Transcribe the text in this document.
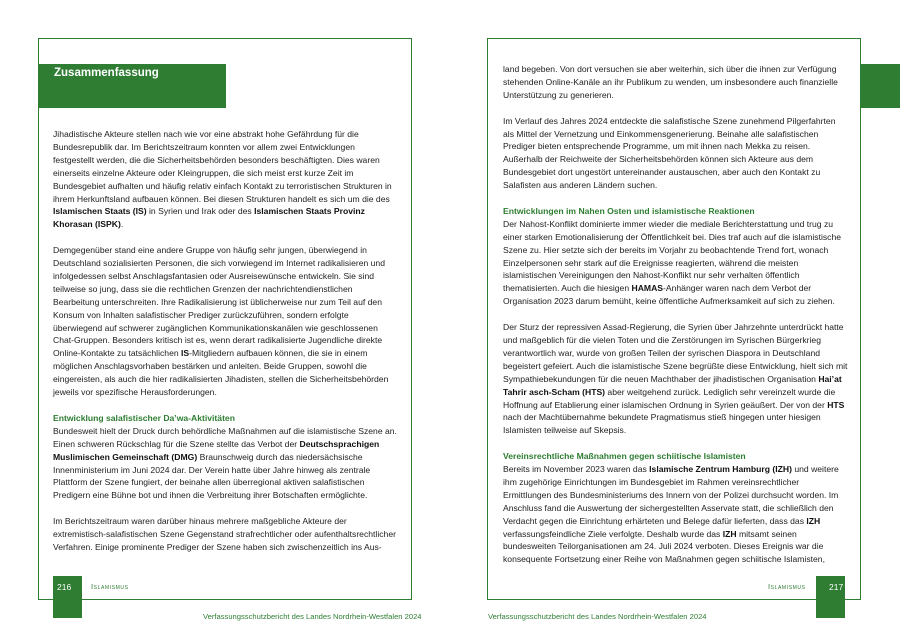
Zusammenfassung

Jihadistische Akteure stellen nach wie vor eine abstrakt hohe Gefährdung für die Bundesrepublik dar. Im Berichtszeitraum konnten vor allem zwei Entwicklungen festgestellt werden, die die Sicherheitsbehörden besonders beschäftigten. Dies waren einerseits einzelne Akteure oder Kleingruppen, die sich meist erst kurze Zeit im Bundesgebiet aufhalten und häufig relativ einfach Kontakt zu terroristischen Strukturen in ihrem Herkunftsland aufbauen können. Bei diesen Strukturen handelt es sich um die des Islamischen Staats (IS) in Syrien und Irak oder des Islamischen Staats Provinz Khorasan (ISPK).

Demgegenüber stand eine andere Gruppe von häufig sehr jungen, überwiegend in Deutschland sozialisierten Personen, die sich vorwiegend im Internet radikalisieren und infolgedessen selbst Anschlagsfantasien oder Ausreisewünsche entwickeln. Sie sind teilweise so jung, dass sie die rechtlichen Grenzen der nachrichtendienstlichen Bearbeitung unterschreiten. Ihre Radikalisierung ist üblicherweise nur zum Teil auf den Konsum von Inhalten salafistischer Prediger zurückzuführen, sondern erfolgte überwiegend auf schwerer zugänglichen Kommunikationskanälen wie geschlossenen Chat-Gruppen. Besonders kritisch ist es, wenn derart radikalisierte Jugendliche direkte Online-Kontakte zu tatsächlichen IS-Mitgliedern aufbauen können, die sie in einem möglichen Anschlagsvorhaben bestärken und anleiten. Beide Gruppen, sowohl die eingereisten, als auch die hier radikalisierten Jihadisten, stellen die Sicherheitsbehörden jeweils vor spezifische Herausforderungen.

Entwicklung salafistischer Da’wa-Aktivitäten

Bundesweit hielt der Druck durch behördliche Maßnahmen auf die islamistische Szene an. Einen schweren Rückschlag für die Szene stellte das Verbot der Deutschsprachigen Muslimischen Gemeinschaft (DMG) Braunschweig durch das niedersächsische Innenministerium im Juni 2024 dar. Der Verein hatte über Jahre hinweg als zentrale Plattform der Szene fungiert, der beinahe allen überregional aktiven salafistischen Predigern eine Bühne bot und ihnen die Verbreitung ihrer Botschaften ermöglichte.

Im Berichtszeitraum waren darüber hinaus mehrere maßgebliche Akteure der extremistisch-salafistischen Szene Gegenstand strafrechtlicher oder aufenthaltsrechtlicher Verfahren. Einige prominente Prediger der Szene haben sich zwischenzeitlich ins Aus-

216	Islamismus
Verfassungsschutzbericht des Landes Nordrhein-Westfalen 2024

land begeben. Von dort versuchen sie aber weiterhin, sich über die ihnen zur Verfügung stehenden Online-Kanäle an ihr Publikum zu wenden, um insbesondere auch finanzielle Unterstützung zu generieren.

Im Verlauf des Jahres 2024 entdeckte die salafistische Szene zunehmend Pilgerfahrten als Mittel der Vernetzung und Einkommensgenerierung. Beinahe alle salafistischen Prediger bieten entsprechende Programme, um mit ihnen nach Mekka zu reisen. Außerhalb der Reichweite der Sicherheitsbehörden können sich Akteure aus dem Bundesgebiet dort ungestört untereinander austauschen, aber auch den Kontakt zu Salafisten aus anderen Ländern suchen.

Entwicklungen im Nahen Osten und islamistische Reaktionen

Der Nahost-Konflikt dominierte immer wieder die mediale Berichterstattung und trug zu einer starken Emotionalisierung der Öffentlichkeit bei. Dies traf auch auf die islamistische Szene zu. Hier setzte sich der bereits im Vorjahr zu beobachtende Trend fort, wonach Einzelpersonen sehr stark auf die Ereignisse reagierten, während die meisten islamistischen Vereinigungen den Nahost-Konflikt nur sehr verhalten öffentlich thematisierten. Auch die hiesigen HAMAS-Anhänger waren nach dem Verbot der Organisation 2023 darum bemüht, keine öffentliche Aufmerksamkeit auf sich zu ziehen.

Der Sturz der repressiven Assad-Regierung, die Syrien über Jahrzehnte unterdrückt hatte und maßgeblich für die vielen Toten und die Zerstörungen im Syrischen Bürgerkrieg verantwortlich war, wurde von großen Teilen der syrischen Diaspora in Deutschland begeistert gefeiert. Auch die islamistische Szene begrüßte diese Entwicklung, hielt sich mit Sympathiebekundungen für die neuen Machthaber der jihadistischen Organisation Hai’at Tahrir asch-Scham (HTS) aber weitgehend zurück. Lediglich sehr vereinzelt wurde die Hoffnung auf Etablierung einer islamischen Ordnung in Syrien geäußert. Der von der HTS nach der Machtübernahme bekundete Pragmatismus stieß hingegen unter hiesigen Islamisten teilweise auf Skepsis.

Vereinsrechtliche Maßnahmen gegen schiitische Islamisten

Bereits im November 2023 waren das Islamische Zentrum Hamburg (IZH) und weitere ihm zugehörige Einrichtungen im Bundesgebiet im Rahmen vereinsrechtlicher Ermittlungen des Bundesministeriums des Innern von der Polizei durchsucht worden. Im Anschluss fand die Auswertung der sichergestellten Asservate statt, die schließlich den Verdacht gegen die Einrichtung erhärteten und Belege dafür lieferten, dass das IZH verfassungsfeindliche Ziele verfolgte. Deshalb wurde das IZH mitsamt seinen bundesweiten Teilorganisationen am 24. Juli 2024 verboten. Dieses Ereignis war die konsequente Fortsetzung einer Reihe von Maßnahmen gegen schiitische Islamisten,

217
Islamismus
Verfassungsschutzbericht des Landes Nordrhein-Westfalen 2024
